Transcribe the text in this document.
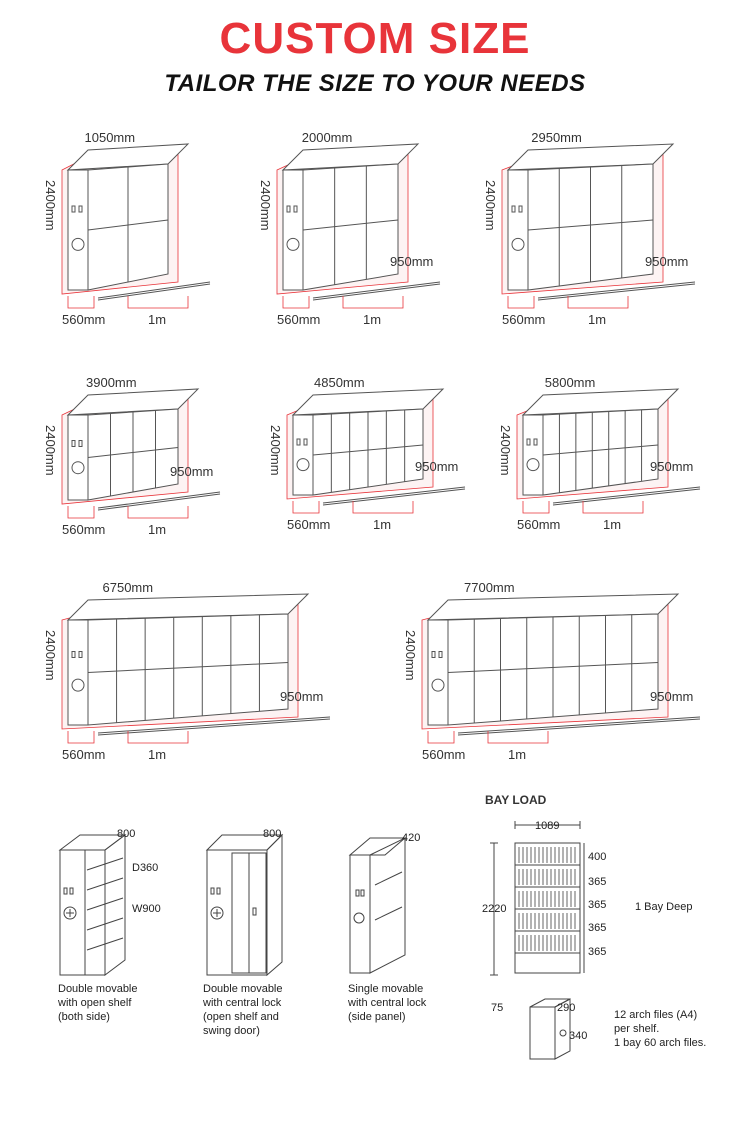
CUSTOM SIZE
TAILOR THE SIZE TO YOUR NEEDS
1050mm
2400mm
560mm	1m
2000mm
2400mm
560mm	1m
950mm
2950mm
2400mm
560mm	1m
950mm
3900mm
2400mm
560mm	1m
950mm
4850mm
2400mm
560mm	1m
950mm
5800mm
2400mm
560mm	1m
950mm
6750mm
2400mm
560mm	1m
950mm
7700mm
2400mm
560mm	1m
950mm
800
D360
W900
800	420
Double movable
with open shelf
(both side)
Double movable
with central lock
(open shelf and
swing door)
Single movable
with central lock
(side panel)
BAY LOAD
1089
2220
400
365
365
365
365
1 Bay Deep
75	290
340
12 arch files (A4)
per shelf.
1 bay 60 arch files.
